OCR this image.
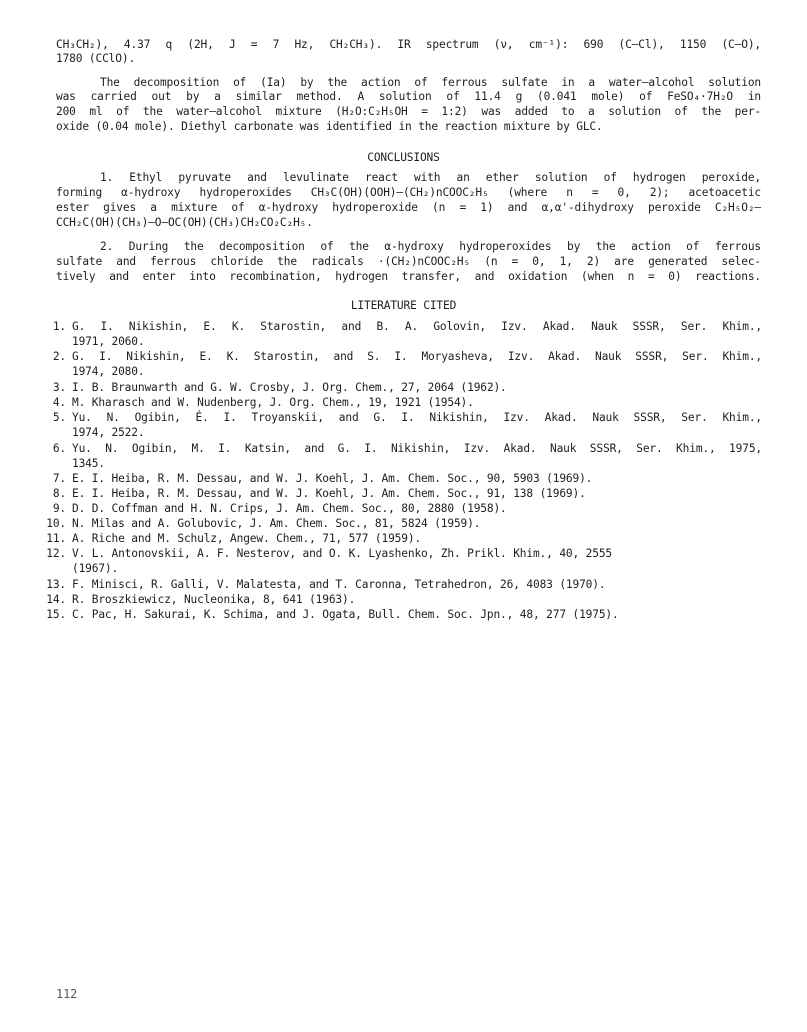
CH₃CH₂), 4.37 q (2H, J = 7 Hz, CH₂CH₃). IR spectrum (ν, cm⁻¹): 690 (C—Cl), 1150 (C—O),
1780 (CClO).
The decomposition of (Ia) by the action of ferrous sulfate in a water—alcohol solution
was carried out by a similar method. A solution of 11.4 g (0.041 mole) of FeSO₄·7H₂O in
200 ml of the water—alcohol mixture (H₂O:C₂H₅OH = 1:2) was added to a solution of the per-
oxide (0.04 mole). Diethyl carbonate was identified in the reaction mixture by GLC.
CONCLUSIONS
1. Ethyl pyruvate and levulinate react with an ether solution of hydrogen peroxide,
forming α-hydroxy hydroperoxides CH₃C(OH)(OOH)—(CH₂)nCOOC₂H₅ (where n = 0, 2); acetoacetic
ester gives a mixture of α-hydroxy hydroperoxide (n = 1) and α,α'-dihydroxy peroxide C₂H₅O₂—
CCH₂C(OH)(CH₃)—O—OC(OH)(CH₃)CH₂CO₂C₂H₅.
2. During the decomposition of the α-hydroxy hydroperoxides by the action of ferrous
sulfate and ferrous chloride the radicals ·(CH₂)nCOOC₂H₅ (n = 0, 1, 2) are generated selec-
tively and enter into recombination, hydrogen transfer, and oxidation (when n = 0) reactions.
LITERATURE CITED
1. G. I. Nikishin, E. K. Starostin, and B. A. Golovin, Izv. Akad. Nauk SSSR, Ser. Khim.,
1971, 2060.
2. G. I. Nikishin, E. K. Starostin, and S. I. Moryasheva, Izv. Akad. Nauk SSSR, Ser. Khim.,
1974, 2080.
3. I. B. Braunwarth and G. W. Crosby, J. Org. Chem., 27, 2064 (1962).
4. M. Kharasch and W. Nudenberg, J. Org. Chem., 19, 1921 (1954).
5. Yu. N. Ogibin, É. I. Troyanskii, and G. I. Nikishin, Izv. Akad. Nauk SSSR, Ser. Khim.,
1974, 2522.
6. Yu. N. Ogibin, M. I. Katsin, and G. I. Nikishin, Izv. Akad. Nauk SSSR, Ser. Khim., 1975,
1345.
7. E. I. Heiba, R. M. Dessau, and W. J. Koehl, J. Am. Chem. Soc., 90, 5903 (1969).
8. E. I. Heiba, R. M. Dessau, and W. J. Koehl, J. Am. Chem. Soc., 91, 138 (1969).
9. D. D. Coffman and H. N. Crips, J. Am. Chem. Soc., 80, 2880 (1958).
10. N. Milas and A. Golubovic, J. Am. Chem. Soc., 81, 5824 (1959).
11. A. Riche and M. Schulz, Angew. Chem., 71, 577 (1959).
12. V. L. Antonovskii, A. F. Nesterov, and O. K. Lyashenko, Zh. Prikl. Khim., 40, 2555
(1967).
13. F. Minisci, R. Galli, V. Malatesta, and T. Caronna, Tetrahedron, 26, 4083 (1970).
14. R. Broszkiewicz, Nucleonika, 8, 641 (1963).
15. C. Pac, H. Sakurai, K. Schima, and J. Ogata, Bull. Chem. Soc. Jpn., 48, 277 (1975).
112
